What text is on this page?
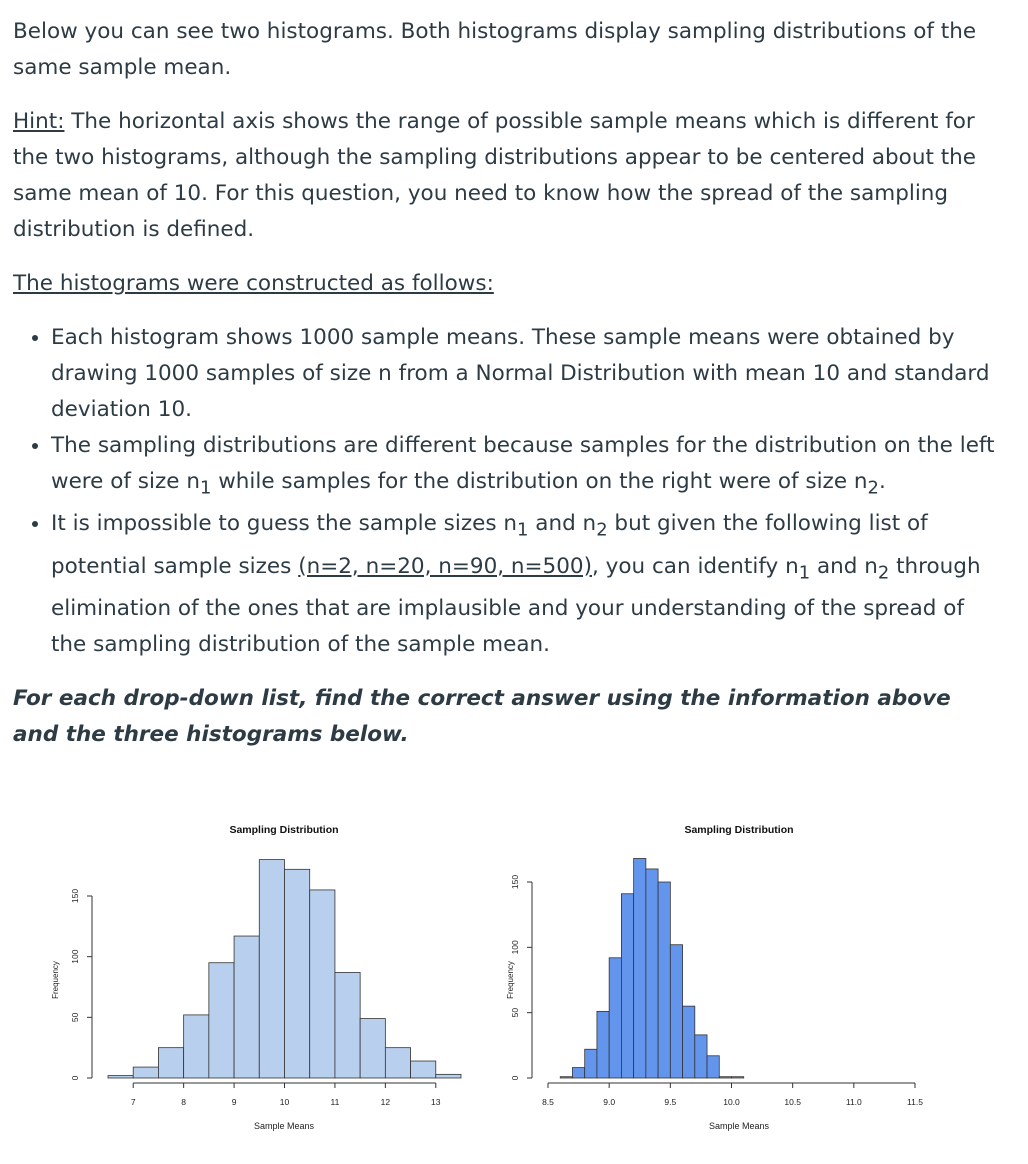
Below you can see two histograms. Both histograms display sampling distributions of the same sample mean.

Hint: The horizontal axis shows the range of possible sample means which is different for the two histograms, although the sampling distributions appear to be centered about the same mean of 10. For this question, you need to know how the spread of the sampling distribution is defined.

The histograms were constructed as follows:

• Each histogram shows 1000 sample means. These sample means were obtained by drawing 1000 samples of size n from a Normal Distribution with mean 10 and standard deviation 10.
• The sampling distributions are different because samples for the distribution on the left were of size $n_1$ while samples for the distribution on the right were of size $n_2$.
• It is impossible to guess the sample sizes $n_1$ and $n_2$ but given the following list of potential sample sizes (n=2, n=20, n=90, n=500), you can identify $n_1$ and $n_2$ through elimination of the ones that are implausible and your understanding of the spread of the sampling distribution of the sample mean.

For each drop-down list, find the correct answer using the information above and the three histograms below.

Sampling Distribution
7	8	9	10	11	12	13
Sample Means
0
50
100
150
Frequency
Sampling Distribution
8.5	9.0	9.5	10.0	10.5	11.0	11.5
Sample Means
0
50
100
150
Frequency
